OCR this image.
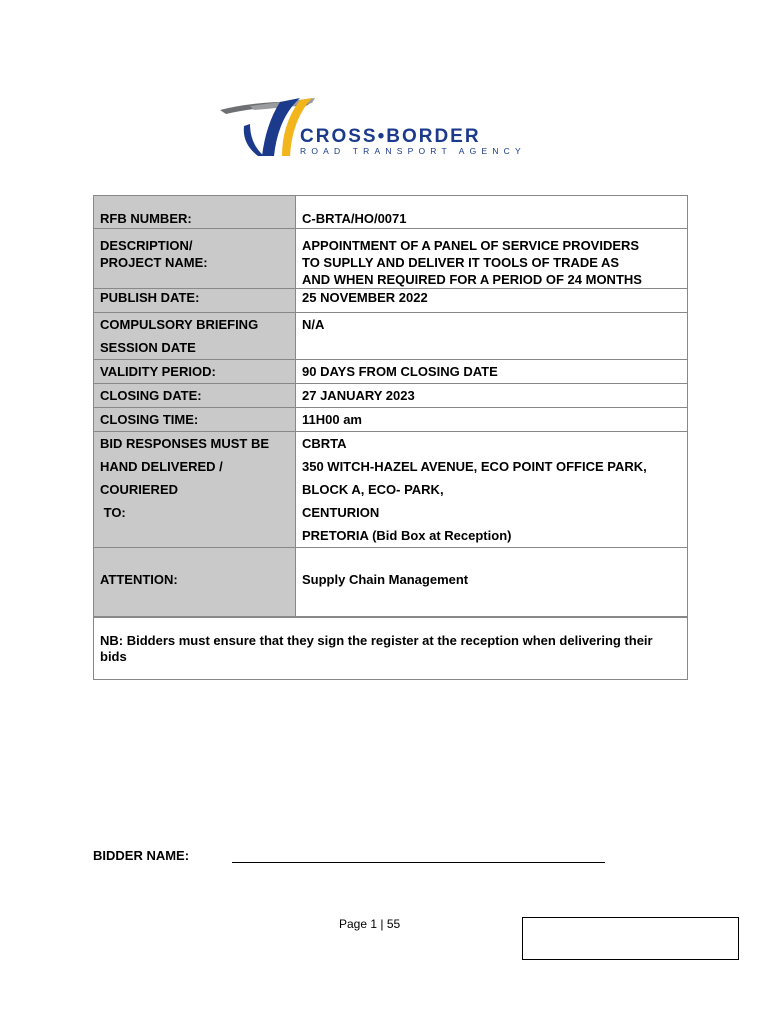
CROSS•BORDER
ROAD TRANSPORT AGENCY
RFB NUMBER:	C-BRTA/HO/0071

DESCRIPTION/
PROJECT NAME:	APPOINTMENT OF A PANEL OF SERVICE PROVIDERS
TO SUPLLY AND DELIVER IT TOOLS OF TRADE AS
AND WHEN REQUIRED FOR A PERIOD OF 24 MONTHS

PUBLISH DATE:	25 NOVEMBER 2022

COMPULSORY BRIEFING
SESSION DATE	N/A
VALIDITY PERIOD:	90 DAYS FROM CLOSING DATE
CLOSING DATE:	27 JANUARY 2023
CLOSING TIME:	11H00 am

BID RESPONSES MUST BE
HAND DELIVERED /
COURIERED
TO:	CBRTA
350 WITCH-HAZEL AVENUE, ECO POINT OFFICE PARK,
BLOCK A, ECO- PARK,
CENTURION
PRETORIA (Bid Box at Reception)

ATTENTION:	Supply Chain Management
NB: Bidders must ensure that they sign the register at the reception when delivering their bids
BIDDER NAME:
Page 1 | 55
